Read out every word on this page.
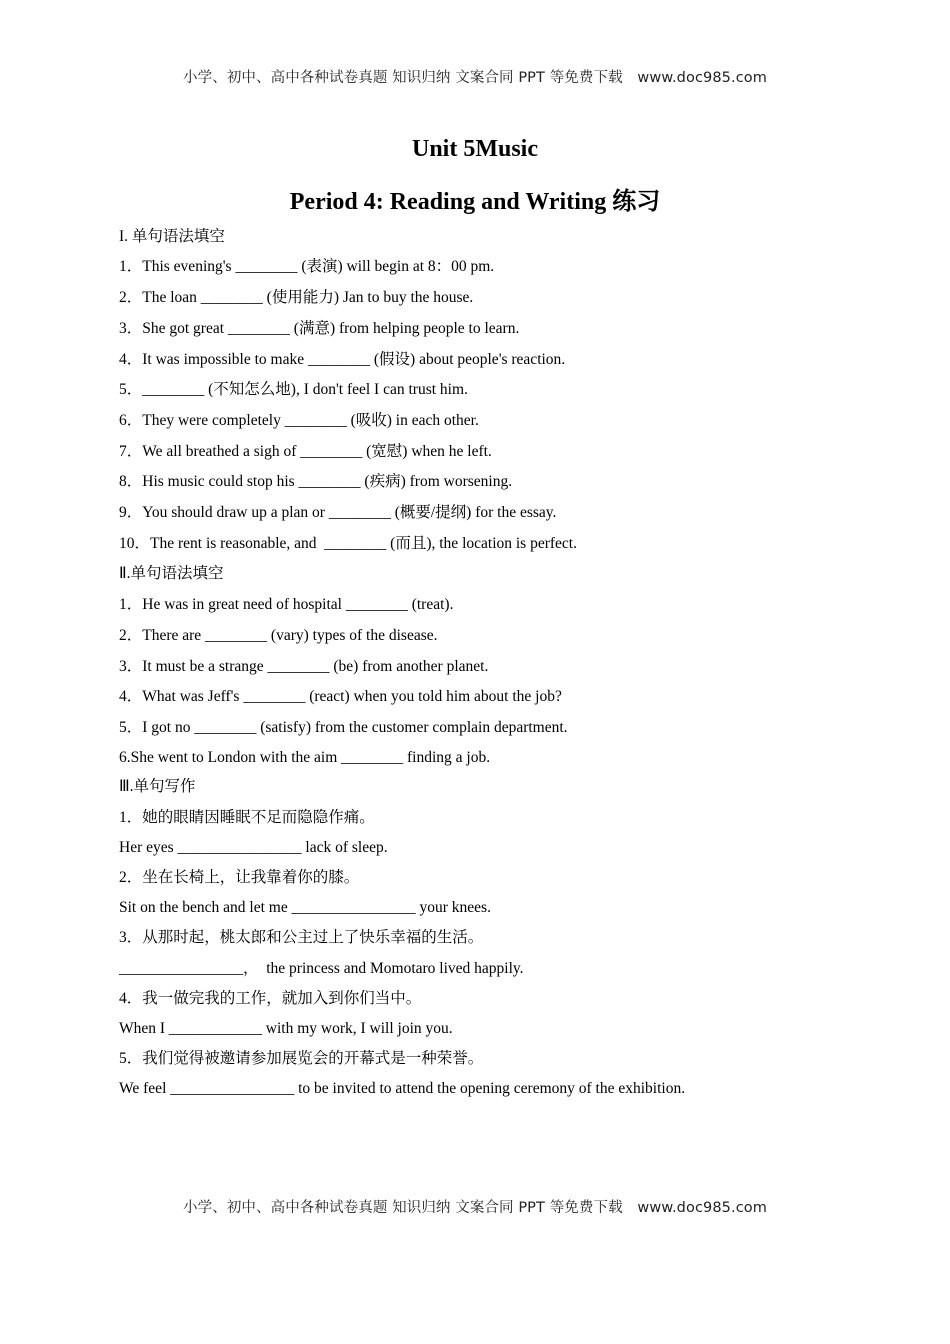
小学、初中、高中各种试卷真题 知识归纳 文案合同 PPT 等免费下载 www.doc985.com
Unit 5Music
Period 4: Reading and Writing 练习
I. 单句语法填空
1．This evening's ________ (表演) will begin at 8：00 pm.
2．The loan ________ (使用能力) Jan to buy the house.
3．She got great ________ (满意) from helping people to learn.
4．It was impossible to make ________ (假设) about people's reaction.
5．________ (不知怎么地), I don't feel I can trust him.
6．They were completely ________ (吸收) in each other.
7．We all breathed a sigh of ________ (宽慰) when he left.
8．His music could stop his ________ (疾病) from worsening.
9．You should draw up a plan or ________ (概要/提纲) for the essay.
10．The rent is reasonable, and  ________ (而且), the location is perfect.
Ⅱ.单句语法填空
1．He was in great need of hospital ________ (treat).
2．There are ________ (vary) types of the disease.
3．It must be a strange ________ (be) from another planet.
4．What was Jeff's ________ (react) when you told him about the job?
5．I got no ________ (satisfy) from the customer complain department.
6.She went to London with the aim ________ finding a job.
Ⅲ.单句写作
1．她的眼睛因睡眠不足而隐隐作痛。
Her eyes ________________ lack of sleep.
2．坐在长椅上，让我靠着你的膝。
Sit on the bench and let me ________________ your knees.
3．从那时起，桃太郎和公主过上了快乐幸福的生活。
________________，  the princess and Momotaro lived happily.
4．我一做完我的工作，就加入到你们当中。
When I ____________ with my work, I will join you.
5．我们觉得被邀请参加展览会的开幕式是一种荣誉。
We feel ________________ to be invited to attend the opening ceremony of the exhibition.
小学、初中、高中各种试卷真题 知识归纳 文案合同 PPT 等免费下载 www.doc985.com
